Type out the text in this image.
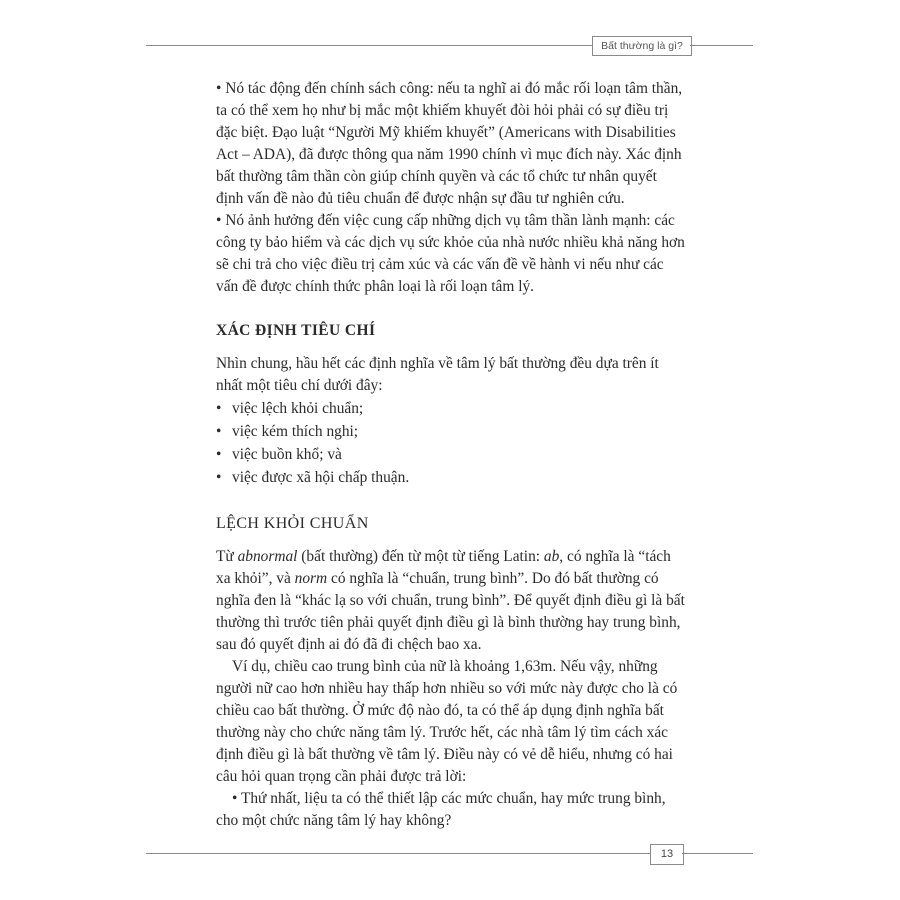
Bất thường là gì?

• Nó tác động đến chính sách công: nếu ta nghĩ ai đó mắc rối loạn tâm thần, ta có thể xem họ như bị mắc một khiếm khuyết đòi hỏi phải có sự điều trị đặc biệt. Đạo luật “Người Mỹ khiếm khuyết” (Americans with Disabilities Act – ADA), đã được thông qua năm 1990 chính vì mục đích này. Xác định bất thường tâm thần còn giúp chính quyền và các tổ chức tư nhân quyết định vấn đề nào đủ tiêu chuẩn để được nhận sự đầu tư nghiên cứu.

• Nó ảnh hưởng đến việc cung cấp những dịch vụ tâm thần lành mạnh: các công ty bảo hiểm và các dịch vụ sức khỏe của nhà nước nhiều khả năng hơn sẽ chi trả cho việc điều trị cảm xúc và các vấn đề về hành vi nếu như các vấn đề được chính thức phân loại là rối loạn tâm lý.

XÁC ĐỊNH TIÊU CHÍ

Nhìn chung, hầu hết các định nghĩa về tâm lý bất thường đều dựa trên ít nhất một tiêu chí dưới đây:

• việc lệch khỏi chuẩn;
• việc kém thích nghi;
• việc buồn khổ; và
• việc được xã hội chấp thuận.
LỆCH KHỎI CHUẨN

Từ abnormal (bất thường) đến từ một từ tiếng Latin: ab, có nghĩa là “tách xa khỏi”, và norm có nghĩa là “chuẩn, trung bình”. Do đó bất thường có nghĩa đen là “khác lạ so với chuẩn, trung bình”. Để quyết định điều gì là bất thường thì trước tiên phải quyết định điều gì là bình thường hay trung bình, sau đó quyết định ai đó đã đi chệch bao xa.

Ví dụ, chiều cao trung bình của nữ là khoảng 1,63m. Nếu vậy, những người nữ cao hơn nhiều hay thấp hơn nhiều so với mức này được cho là có chiều cao bất thường. Ở mức độ nào đó, ta có thể áp dụng định nghĩa bất thường này cho chức năng tâm lý. Trước hết, các nhà tâm lý tìm cách xác định điều gì là bất thường về tâm lý. Điều này có vẻ dễ hiểu, nhưng có hai câu hỏi quan trọng cần phải được trả lời:

• Thứ nhất, liệu ta có thể thiết lập các mức chuẩn, hay mức trung bình, cho một chức năng tâm lý hay không?

13
